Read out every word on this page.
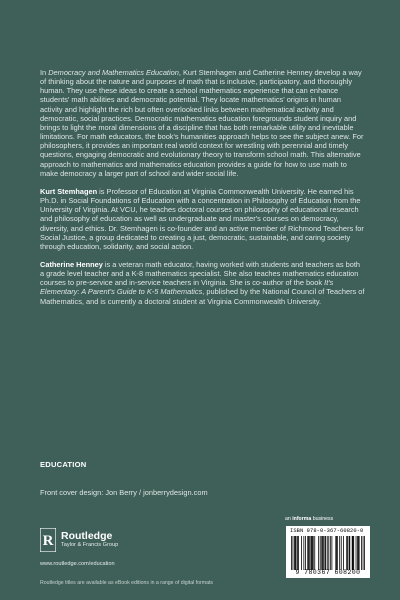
In Democracy and Mathematics Education, Kurt Stemhagen and Catherine Henney develop a way of thinking about the nature and purposes of math that is inclusive, participatory, and thoroughly human. They use these ideas to create a school mathematics experience that can enhance students' math abilities and democratic potential. They locate mathematics' origins in human activity and highlight the rich but often overlooked links between mathematical activity and democratic, social practices. Democratic mathematics education foregrounds student inquiry and brings to light the moral dimensions of a discipline that has both remarkable utility and inevitable limitations. For math educators, the book's humanities approach helps to see the subject anew. For philosophers, it provides an important real world context for wrestling with perennial and timely questions, engaging democratic and evolutionary theory to transform school math. This alternative approach to mathematics and mathematics education provides a guide for how to use math to make democracy a larger part of school and wider social life.

Kurt Stemhagen is Professor of Education at Virginia Commonwealth University. He earned his Ph.D. in Social Foundations of Education with a concentration in Philosophy of Education from the University of Virginia. At VCU, he teaches doctoral courses on philosophy of educational research and philosophy of education as well as undergraduate and master's courses on democracy, diversity, and ethics. Dr. Stemhagen is co-founder and an active member of Richmond Teachers for Social Justice, a group dedicated to creating a just, democratic, sustainable, and caring society through education, solidarity, and social action.

Catherine Henney is a veteran math educator, having worked with students and teachers as both a grade level teacher and a K-8 mathematics specialist. She also teaches mathematics education courses to pre-service and in-service teachers in Virginia. She is co-author of the book It's Elementary: A Parent's Guide to K-5 Mathematics, published by the National Council of Teachers of Mathematics, and is currently a doctoral student at Virginia Commonwealth University.

EDUCATION
Front cover design: Jon Berry / jonberrydesign.com
R Routledge
Taylor & Francis Group
www.routledge.com/education
Routledge titles are available as eBook editions in a range of digital formats
an informa business
ISBN 978-0-367-60820-0
9 780367 608200
